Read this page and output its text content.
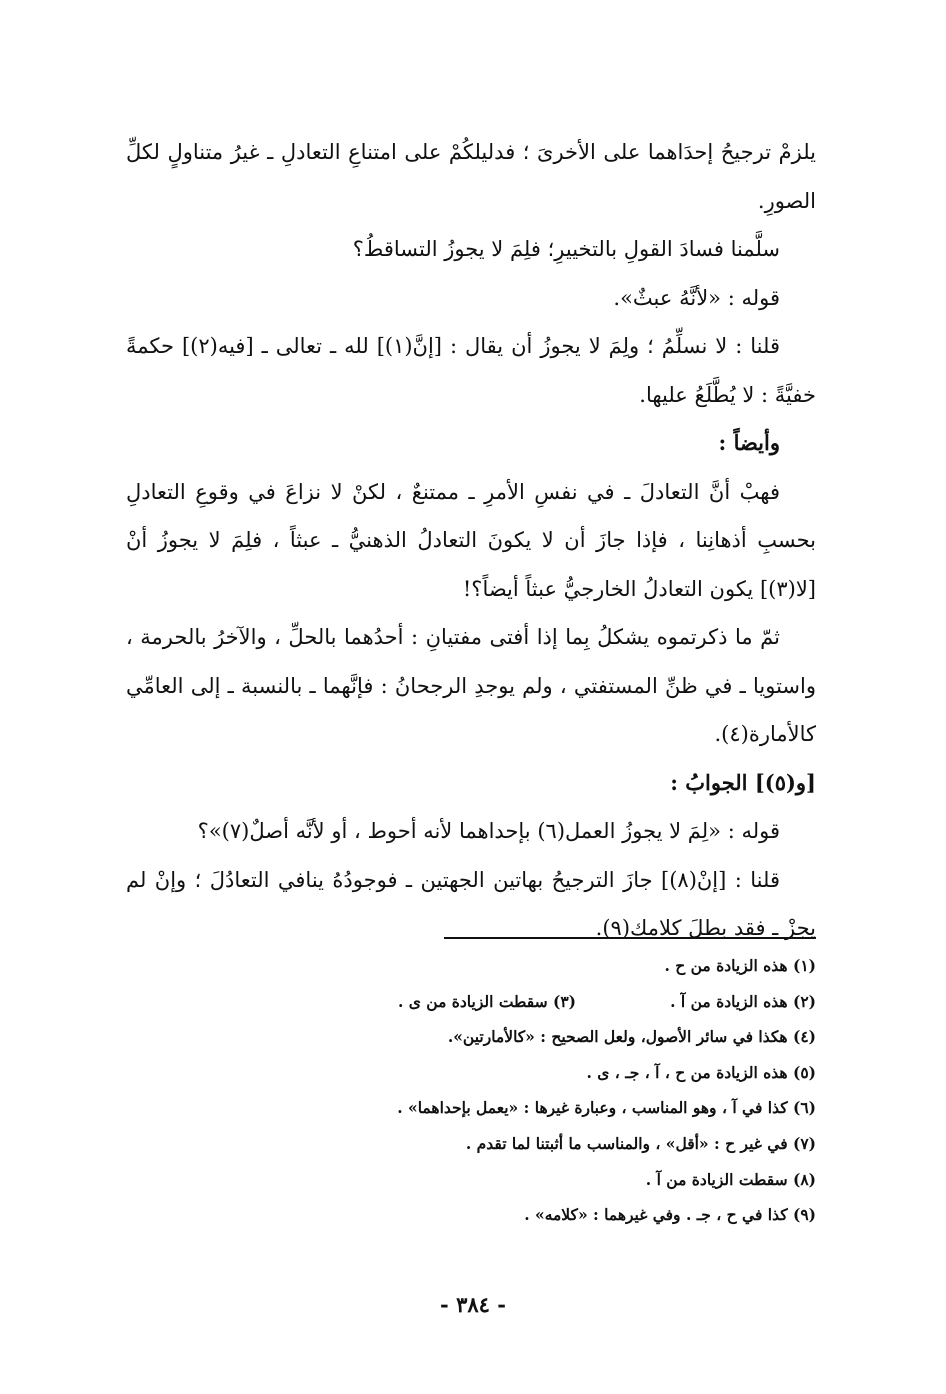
يلزمْ ترجيحُ إحدَاهما على الأخرىَ ؛ فدليلكُمْ على امتناعِ التعادلِ ـ غيرُ متناولٍ لكلِّ الصورِ.

سلَّمنا فسادَ القولِ بالتخييرِ؛ فلِمَ لا يجوزُ التساقطُ؟

قوله : «لأنَّهُ عبثٌ».

قلنا : لا نسلِّمُ ؛ ولِمَ لا يجوزُ أن يقال : [إنَّ(١)] لله ـ تعالى ـ [فيه(٢)] حكمةً خفيَّةً : لا يُطَّلَعُ عليها.

وأيضاً :

فهبْ أنَّ التعادلَ ـ في نفسِ الأمرِ ـ ممتنعٌ ، لكنْ لا نزاعَ في وقوعِ التعادلِ بحسبِ أذهانِنا ، فإذا جازَ أن لا يكونَ التعادلُ الذهنيُّ ـ عبثاً ، فلِمَ لا يجوزُ أنْ [لا(٣)] يكون التعادلُ الخارجيُّ عبثاً أيضاً؟!

ثمّ ما ذكرتموه يشكلُ بِما إذا أفتى مفتيانِ : أحدُهما بالحلِّ ، والآخرُ بالحرمة ، واستويا ـ في ظنِّ المستفتي ، ولم يوجدِ الرجحانُ : فإنَّهما ـ بالنسبة ـ إلى العامِّي كالأمارة(٤).

[و(٥)] الجوابُ :

قوله : «لِمَ لا يجوزُ العمل(٦) بإحداهما لأنه أحوط ، أو لأنَّه أصلٌ(٧)»؟

قلنا : [إنْ(٨)] جازَ الترجيحُ بهاتين الجهتين ـ فوجودُهُ ينافي التعادُلَ ؛ وإنْ لم يجزْ ـ فقد بطلَ كلامك(٩).

(١) هذه الزيادة من ح .
(٢) هذه الزيادة من آ .
(٣) سقطت الزيادة من ى .
(٤) هكذا في سائر الأصول، ولعل الصحيح : «كالأمارتين».
(٥) هذه الزيادة من ح ، آ ، جـ ، ى .
(٦) كذا في آ ، وهو المناسب ، وعبارة غيرها : «يعمل بإحداهما» .
(٧) في غير ح : «أقل» ، والمناسب ما أثبتنا لما تقدم .
(٨) سقطت الزيادة من آ .
(٩) كذا في ح ، جـ . وفي غيرهما : «كلامه» .
- ٣٨٤ -
